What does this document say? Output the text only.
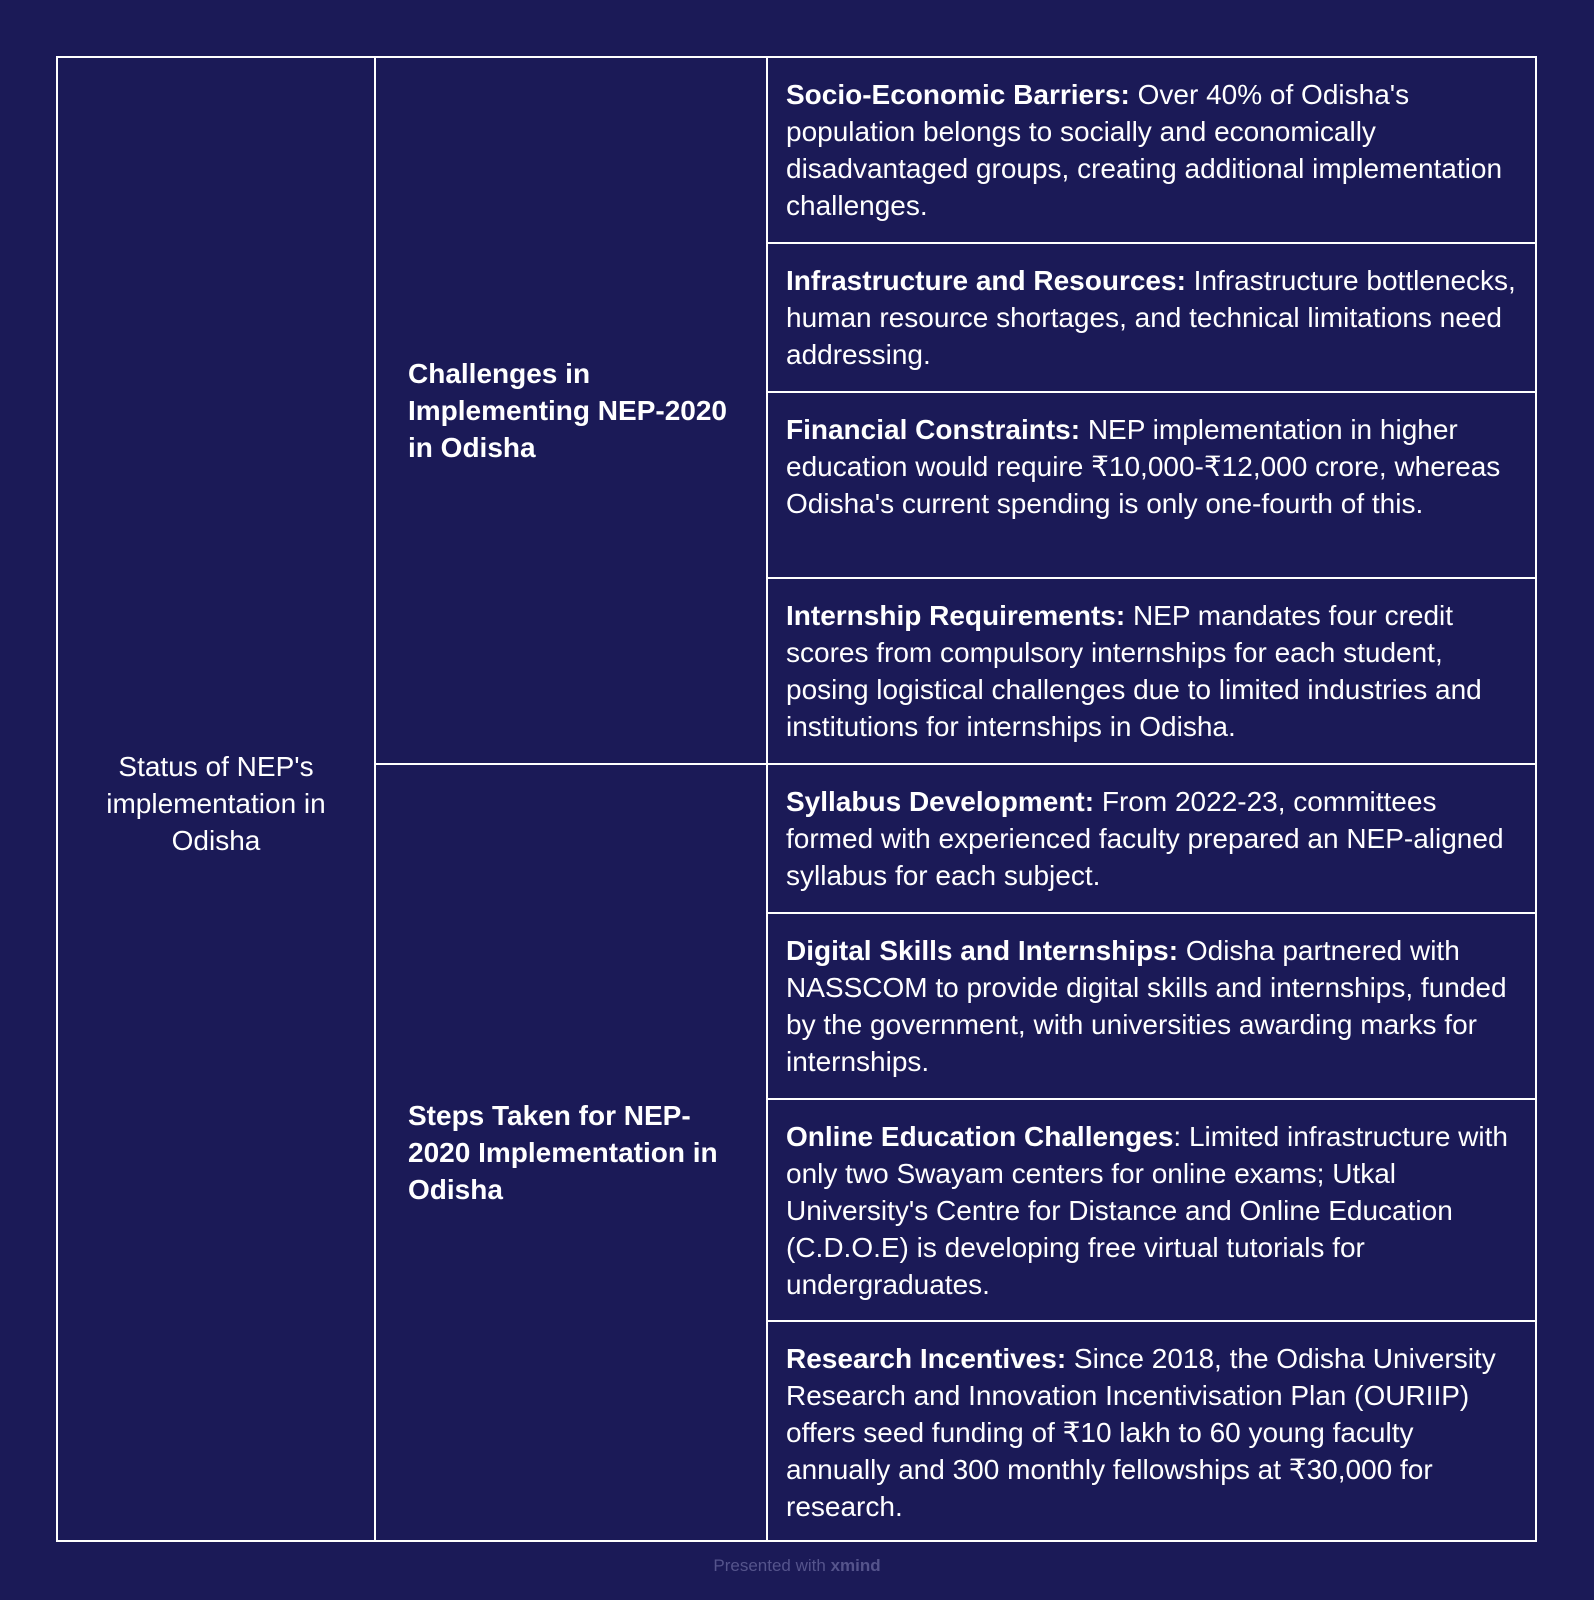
Status of NEP's implementation in Odisha
Challenges in Implementing NEP-2020 in Odisha
Socio-Economic Barriers: Over 40% of Odisha's population belongs to socially and economically disadvantaged groups, creating additional implementation challenges.
Infrastructure and Resources: Infrastructure bottlenecks, human resource shortages, and technical limitations need addressing.
Financial Constraints: NEP implementation in higher education would require ₹10,000-₹12,000 crore, whereas Odisha's current spending is only one-fourth of this.
Internship Requirements: NEP mandates four credit scores from compulsory internships for each student, posing logistical challenges due to limited industries and institutions for internships in Odisha.
Steps Taken for NEP-2020 Implementation in Odisha
Syllabus Development: From 2022-23, committees formed with experienced faculty prepared an NEP-aligned syllabus for each subject.
Digital Skills and Internships: Odisha partnered with NASSCOM to provide digital skills and internships, funded by the government, with universities awarding marks for internships.
Online Education Challenges: Limited infrastructure with only two Swayam centers for online exams; Utkal University's Centre for Distance and Online Education (C.D.O.E) is developing free virtual tutorials for undergraduates.
Research Incentives: Since 2018, the Odisha University Research and Innovation Incentivisation Plan (OURIIP) offers seed funding of ₹10 lakh to 60 young faculty annually and 300 monthly fellowships at ₹30,000 for research.
Presented with xmind
